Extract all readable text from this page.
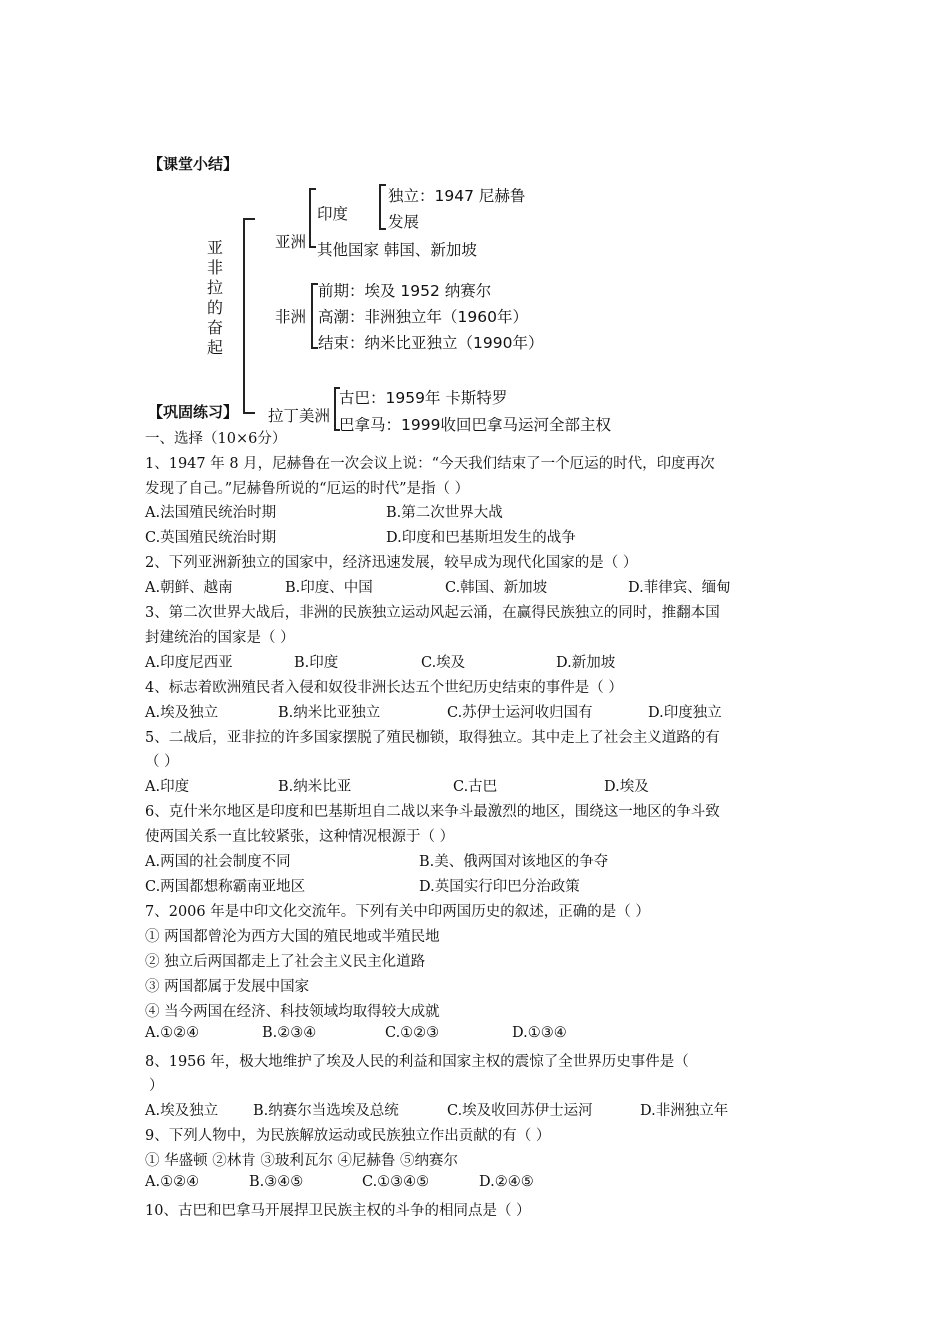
【课堂小结】
亚非拉的奋起
亚洲
印度
独立：1947 尼赫鲁
发展
其他国家 韩国、新加坡
非洲
前期：埃及 1952 纳赛尔
高潮：非洲独立年（1960年）
结束：纳米比亚独立（1990年）
拉丁美洲
古巴：1959年 卡斯特罗
巴拿马：1999收回巴拿马运河全部主权
【巩固练习】
一、选择（10×6分）
1、1947 年 8 月，尼赫鲁在一次会议上说：“今天我们结束了一个厄运的时代，印度再次
发现了自己。”尼赫鲁所说的“厄运的时代”是指（ ）
A.法国殖民统治时期	B.第二次世界大战
C.英国殖民统治时期	D.印度和巴基斯坦发生的战争
2、下列亚洲新独立的国家中，经济迅速发展，较早成为现代化国家的是（ ）
A.朝鲜、越南	B.印度、中国	C.韩国、新加坡	D.菲律宾、缅甸
3、第二次世界大战后，非洲的民族独立运动风起云涌，在赢得民族独立的同时，推翻本国
封建统治的国家是（ ）
A.印度尼西亚	B.印度	C.埃及	D.新加坡
4、标志着欧洲殖民者入侵和奴役非洲长达五个世纪历史结束的事件是（ ）
A.埃及独立	B.纳米比亚独立	C.苏伊士运河收归国有	D.印度独立
5、二战后，亚非拉的许多国家摆脱了殖民枷锁，取得独立。其中走上了社会主义道路的有
（ ）
A.印度	B.纳米比亚	C.古巴	D.埃及
6、克什米尔地区是印度和巴基斯坦自二战以来争斗最激烈的地区，围绕这一地区的争斗致
使两国关系一直比较紧张，这种情况根源于（ ）
A.两国的社会制度不同	B.美、俄两国对该地区的争夺
C.两国都想称霸南亚地区	D.英国实行印巴分治政策
7、2006 年是中印文化交流年。下列有关中印两国历史的叙述，正确的是（ ）
① 两国都曾沦为西方大国的殖民地或半殖民地
② 独立后两国都走上了社会主义民主化道路
③ 两国都属于发展中国家
④ 当今两国在经济、科技领域均取得较大成就
A.①②④	B.②③④	C.①②③	D.①③④
8、1956 年，极大地维护了埃及人民的利益和国家主权的震惊了全世界历史事件是（
）
A.埃及独立 B.纳赛尔当选埃及总统	C.埃及收回苏伊士运河	D.非洲独立年
9、下列人物中，为民族解放运动或民族独立作出贡献的有（ ）
① 华盛顿 ②林肯 ③玻利瓦尔 ④尼赫鲁 ⑤纳赛尔
A.①②④	B.③④⑤	C.①③④⑤	D.②④⑤
10、古巴和巴拿马开展捍卫民族主权的斗争的相同点是（ ）
